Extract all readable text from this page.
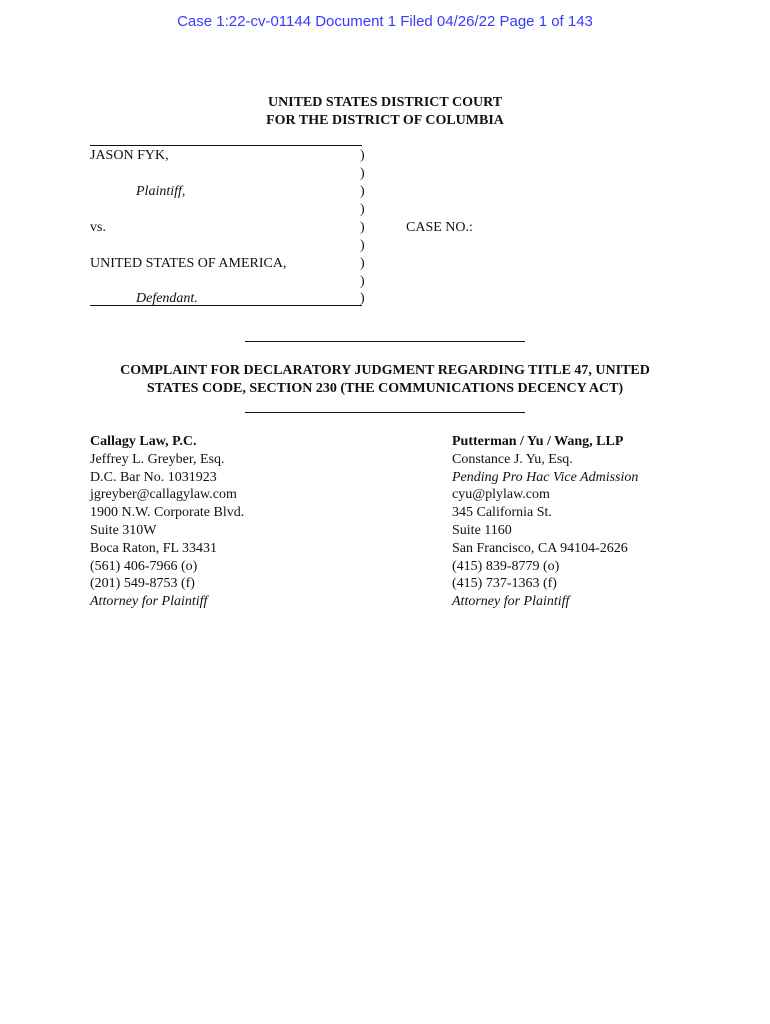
Case 1:22-cv-01144 Document 1 Filed 04/26/22 Page 1 of 143
UNITED STATES DISTRICT COURT
FOR THE DISTRICT OF COLUMBIA
JASON FYK,
Plaintiff,
vs.
UNITED STATES OF AMERICA,
Defendant.
CASE NO.:
)
)
)
)
)
)
)
)
)
COMPLAINT FOR DECLARATORY JUDGMENT REGARDING TITLE 47, UNITED
STATES CODE, SECTION 230 (THE COMMUNICATIONS DECENCY ACT)
Callagy Law, P.C.
Jeffrey L. Greyber, Esq.
D.C. Bar No. 1031923
jgreyber@callagylaw.com
1900 N.W. Corporate Blvd.
Suite 310W
Boca Raton, FL 33431
(561) 406-7966 (o)
(201) 549-8753 (f)
Attorney for Plaintiff
Putterman / Yu / Wang, LLP
Constance J. Yu, Esq.
Pending Pro Hac Vice Admission
cyu@plylaw.com
345 California St.
Suite 1160
San Francisco, CA 94104-2626
(415) 839-8779 (o)
(415) 737-1363 (f)
Attorney for Plaintiff
